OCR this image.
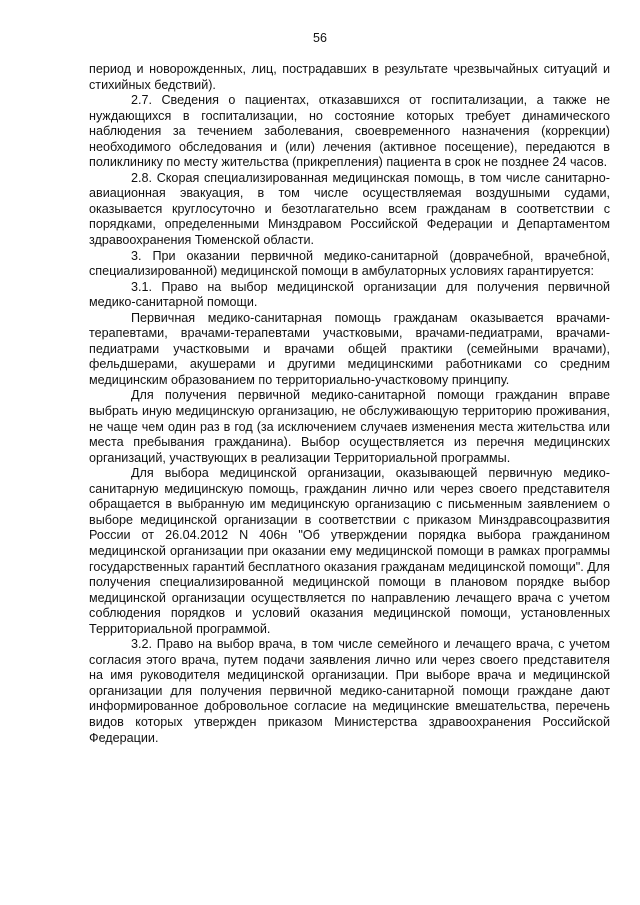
56

период и новорожденных, лиц, пострадавших в результате чрезвычайных ситуаций и стихийных бедствий).

2.7. Сведения о пациентах, отказавшихся от госпитализации, а также не нуждающихся в госпитализации, но состояние которых требует динамического наблюдения за течением заболевания, своевременного назначения (коррекции) необходимого обследования и (или) лечения (активное посещение), передаются в поликлинику по месту жительства (прикрепления) пациента в срок не позднее 24 часов.

2.8. Скорая специализированная медицинская помощь, в том числе санитарно-авиационная эвакуация, в том числе осуществляемая воздушными судами, оказывается круглосуточно и безотлагательно всем гражданам в соответствии с порядками, определенными Минздравом Российской Федерации и Департаментом здравоохранения Тюменской области.

3. При оказании первичной медико-санитарной (доврачебной, врачебной, специализированной) медицинской помощи в амбулаторных условиях гарантируется:

3.1. Право на выбор медицинской организации для получения первичной медико-санитарной помощи.

Первичная медико-санитарная помощь гражданам оказывается врачами-терапевтами, врачами-терапевтами участковыми, врачами-педиатрами, врачами-педиатрами участковыми и врачами общей практики (семейными врачами), фельдшерами, акушерами и другими медицинскими работниками со средним медицинским образованием по территориально-участковому принципу.

Для получения первичной медико-санитарной помощи гражданин вправе выбрать иную медицинскую организацию, не обслуживающую территорию проживания, не чаще чем один раз в год (за исключением случаев изменения места жительства или места пребывания гражданина). Выбор осуществляется из перечня медицинских организаций, участвующих в реализации Территориальной программы.

Для выбора медицинской организации, оказывающей первичную медико-санитарную медицинскую помощь, гражданин лично или через своего представителя обращается в выбранную им медицинскую организацию с письменным заявлением о выборе медицинской организации в соответствии с приказом Минздравсоцразвития России от 26.04.2012 N 406н "Об утверждении порядка выбора гражданином медицинской организации при оказании ему медицинской помощи в рамках программы государственных гарантий бесплатного оказания гражданам медицинской помощи". Для получения специализированной медицинской помощи в плановом порядке выбор медицинской организации осуществляется по направлению лечащего врача с учетом соблюдения порядков и условий оказания медицинской помощи, установленных Территориальной программой.

3.2. Право на выбор врача, в том числе семейного и лечащего врача, с учетом согласия этого врача, путем подачи заявления лично или через своего представителя на имя руководителя медицинской организации. При выборе врача и медицинской организации для получения первичной медико-санитарной помощи граждане дают информированное добровольное согласие на медицинские вмешательства, перечень видов которых утвержден приказом Министерства здравоохранения Российской Федерации.
